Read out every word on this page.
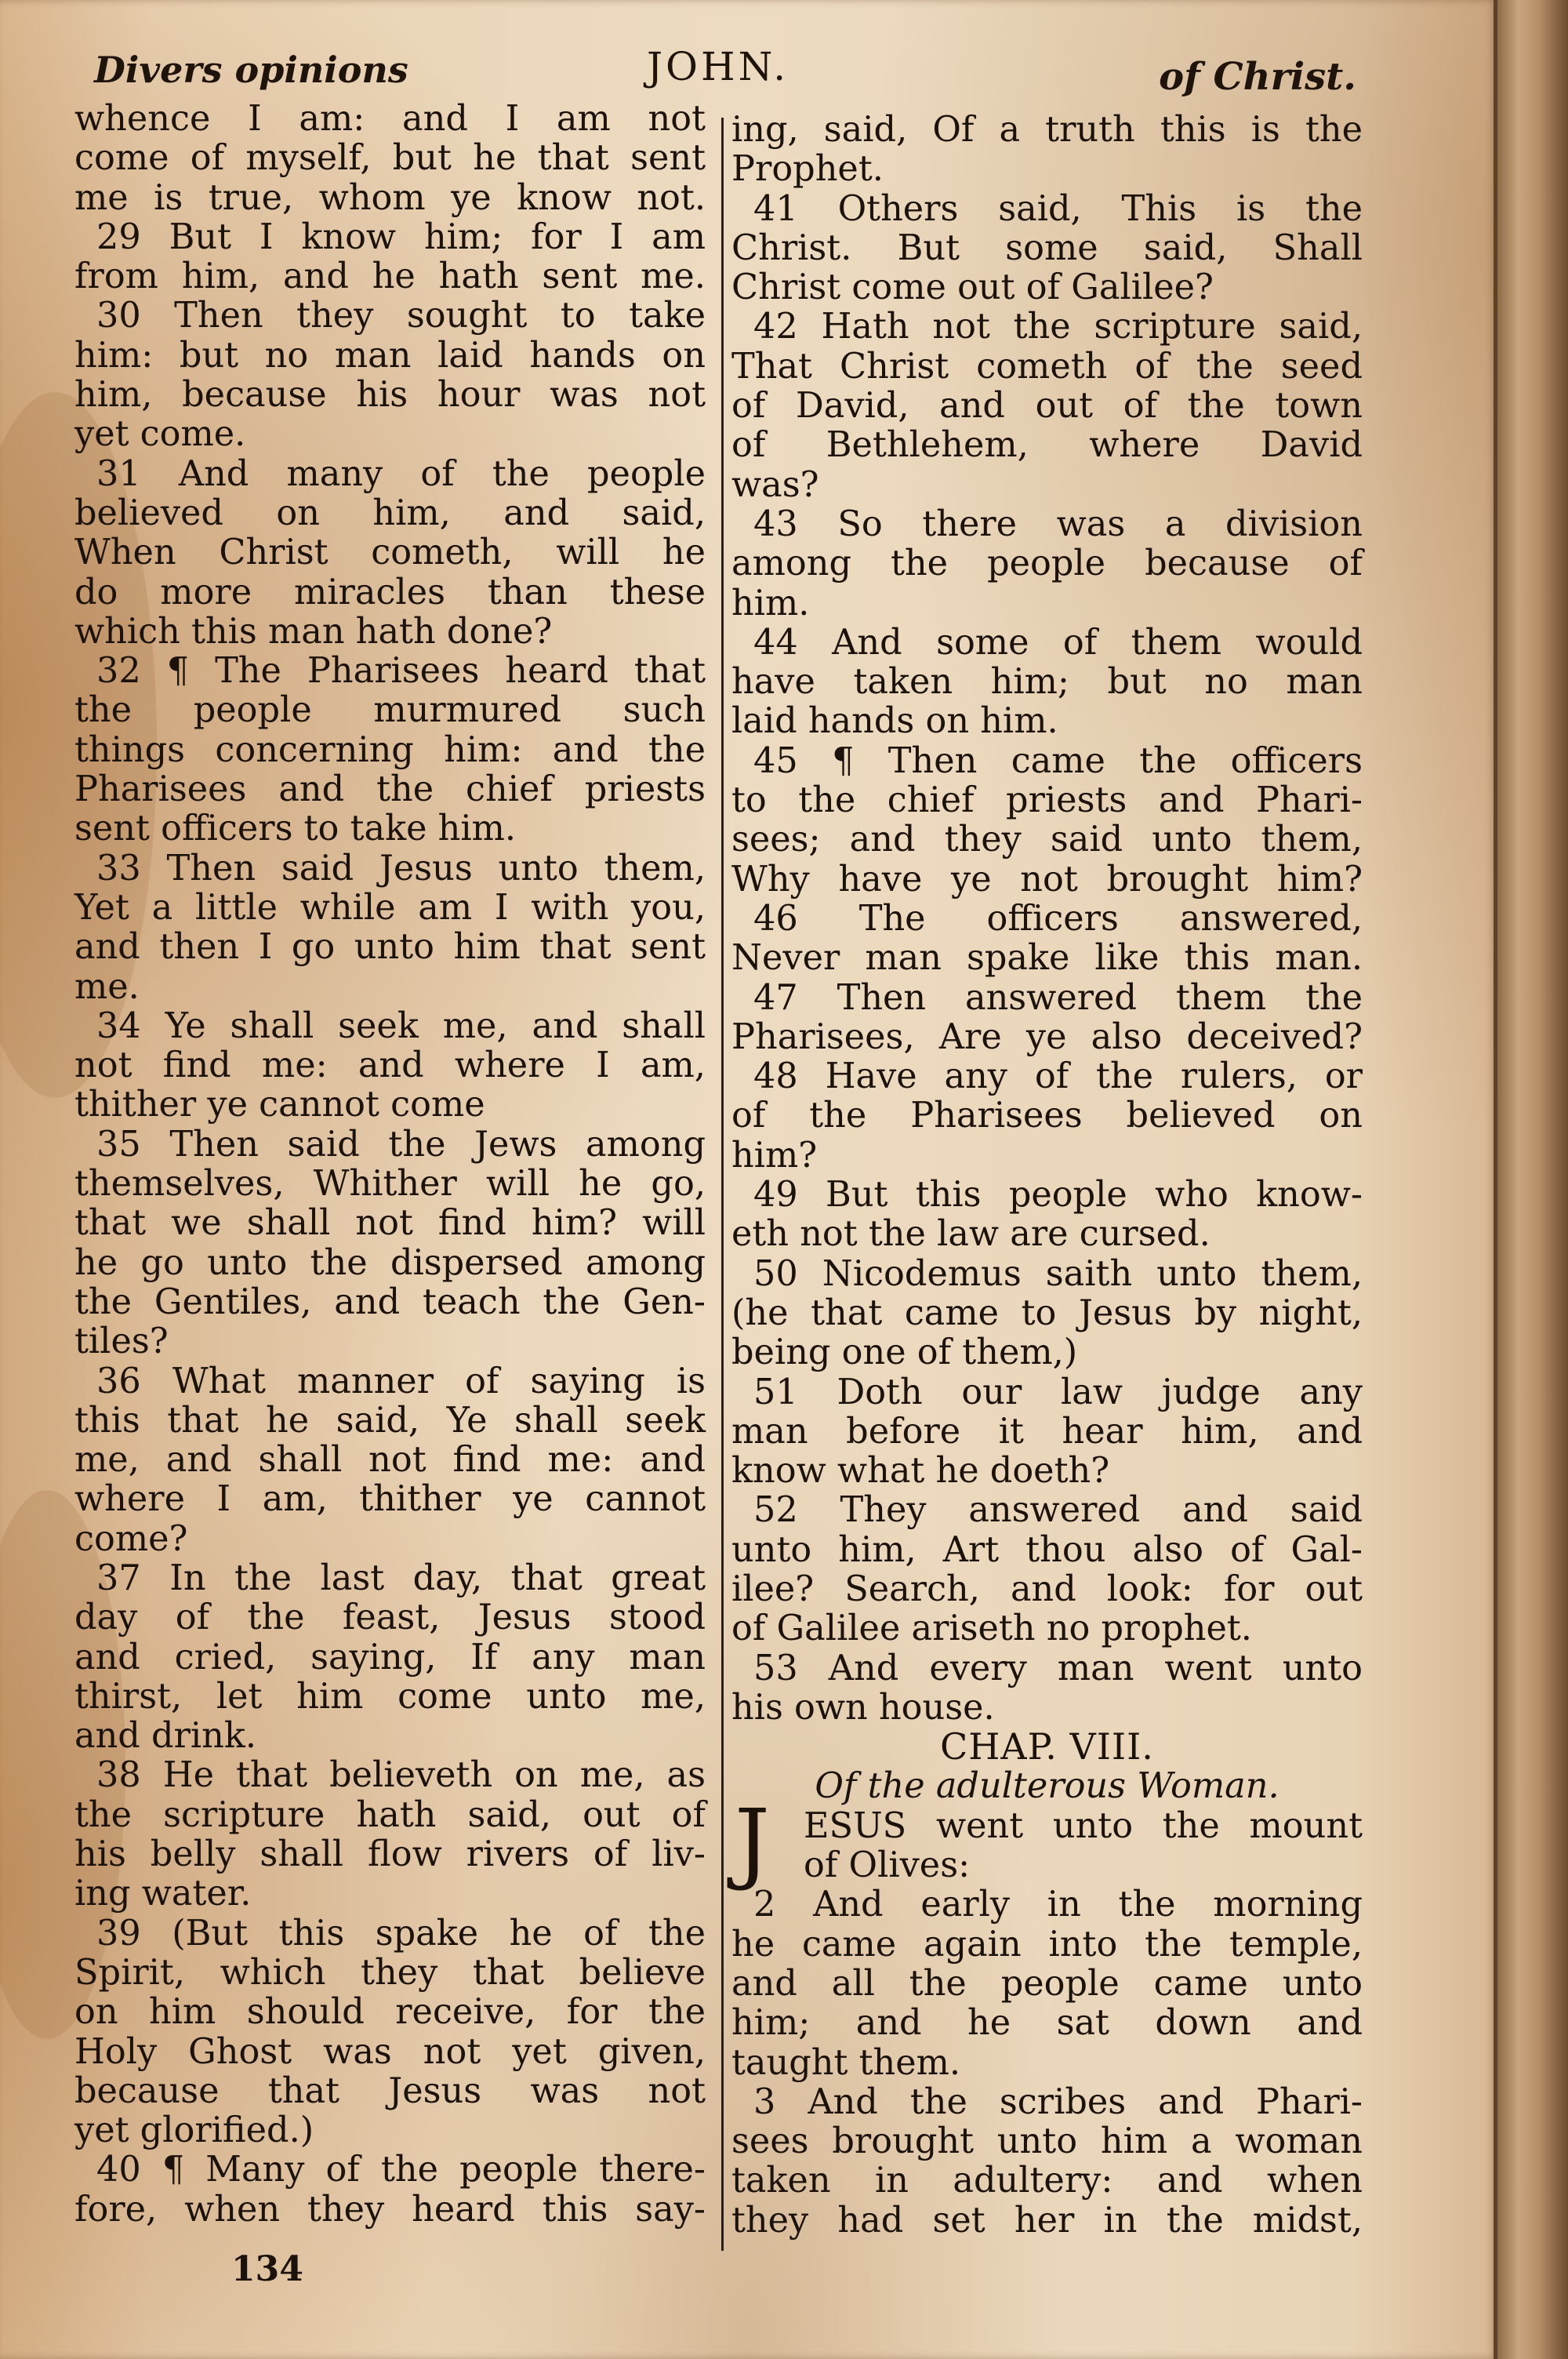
Divers opinions	JOHN.	of Christ.
whence I am: and I am not
come of myself, but he that sent
me is true, whom ye know not.
29 But I know him; for I am
from him, and he hath sent me.
30 Then they sought to take
him: but no man laid hands on
him, because his hour was not
yet come.
31 And many of the people
believed on him, and said,
When Christ cometh, will he
do more miracles than these
which this man hath done?
32 ¶ The Pharisees heard that
the people murmured such
things concerning him: and the
Pharisees and the chief priests
sent officers to take him.
33 Then said Jesus unto them,
Yet a little while am I with you,
and then I go unto him that sent
me.
34 Ye shall seek me, and shall
not find me: and where I am,
thither ye cannot come
35 Then said the Jews among
themselves, Whither will he go,
that we shall not find him? will
he go unto the dispersed among
the Gentiles, and teach the Gen-
tiles?
36 What manner of saying is
this that he said, Ye shall seek
me, and shall not find me: and
where I am, thither ye cannot
come?
37 In the last day, that great
day of the feast, Jesus stood
and cried, saying, If any man
thirst, let him come unto me,
and drink.
38 He that believeth on me, as
the scripture hath said, out of
his belly shall flow rivers of liv-
ing water.
39 (But this spake he of the
Spirit, which they that believe
on him should receive, for the
Holy Ghost was not yet given,
because that Jesus was not
yet glorified.)
40 ¶ Many of the people there-
fore, when they heard this say-
ing, said, Of a truth this is the
Prophet.
41 Others said, This is the
Christ. But some said, Shall
Christ come out of Galilee?
42 Hath not the scripture said,
That Christ cometh of the seed
of David, and out of the town
of Bethlehem, where David
was?
43 So there was a division
among the people because of
him.
44 And some of them would
have taken him; but no man
laid hands on him.
45 ¶ Then came the officers
to the chief priests and Phari-
sees; and they said unto them,
Why have ye not brought him?
46 The officers answered,
Never man spake like this man.
47 Then answered them the
Pharisees, Are ye also deceived?
48 Have any of the rulers, or
of the Pharisees believed on
him?
49 But this people who know-
eth not the law are cursed.
50 Nicodemus saith unto them,
(he that came to Jesus by night,
being one of them,)
51 Doth our law judge any
man before it hear him, and
know what he doeth?
52 They answered and said
unto him, Art thou also of Gal-
ilee? Search, and look: for out
of Galilee ariseth no prophet.
53 And every man went unto
his own house.
CHAP. VIII.
Of the adulterous Woman.
ESUS went unto the mount
of Olives:
2 And early in the morning
he came again into the temple,
and all the people came unto
him; and he sat down and
taught them.
3 And the scribes and Phari-
sees brought unto him a woman
taken in adultery: and when
they had set her in the midst,
J
134
